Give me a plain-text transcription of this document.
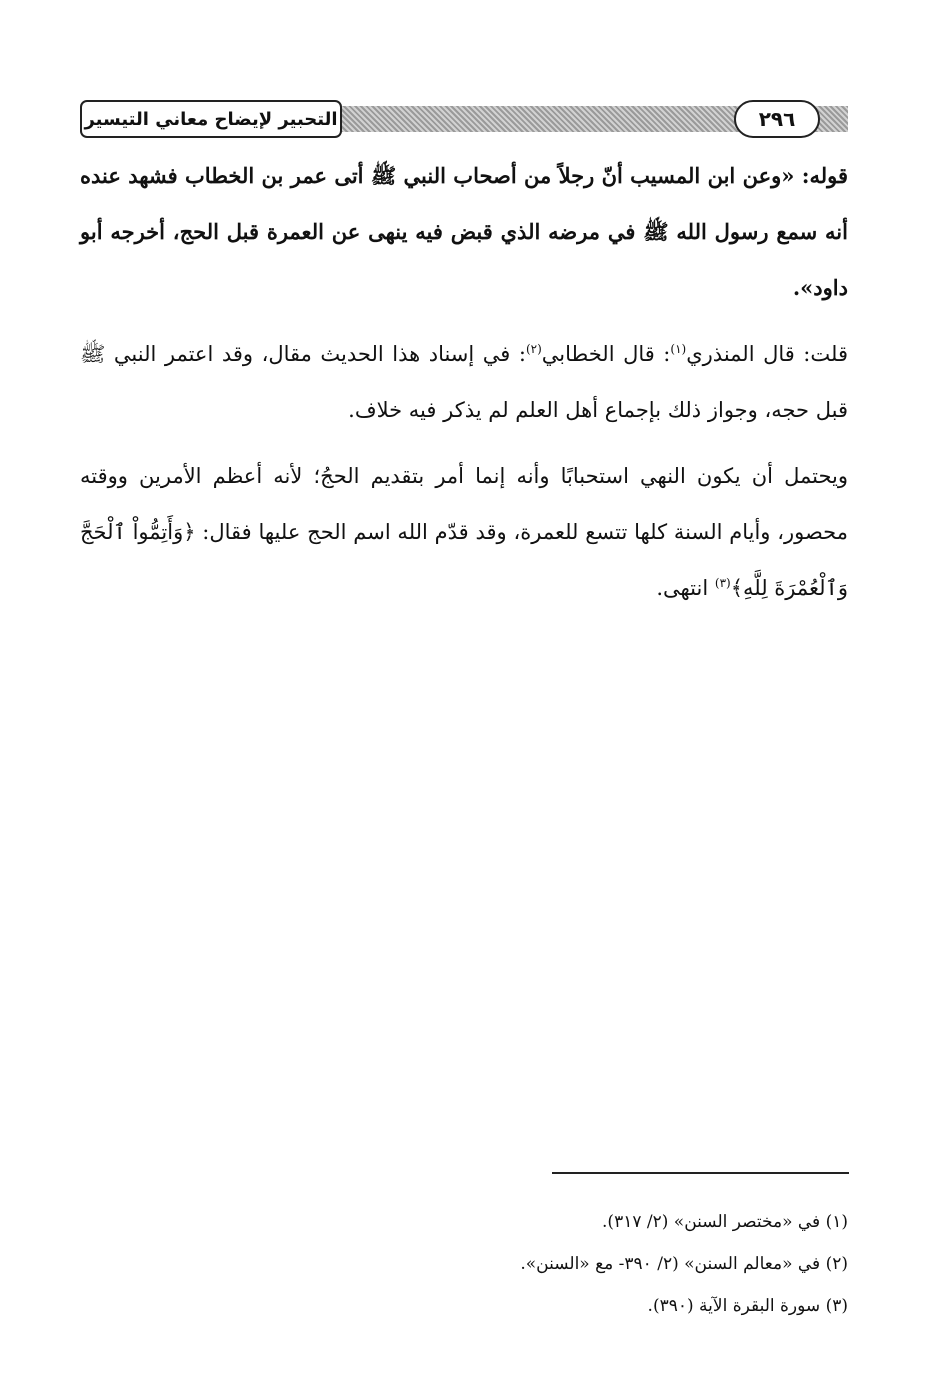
التحبير لإيضاح معاني التيسير	٢٩٦

قوله: «وعن ابن المسيب أنّ رجلاً من أصحاب النبي ﷺ أتى عمر بن الخطاب فشهد عنده أنه سمع رسول الله ﷺ في مرضه الذي قبض فيه ينهى عن العمرة قبل الحج، أخرجه أبو داود».

قلت: قال المنذري$^{(١)}$: قال الخطابي$^{(٢)}$: في إسناد هذا الحديث مقال، وقد اعتمر النبي ﷺ قبل حجه، وجواز ذلك بإجماع أهل العلم لم يذكر فيه خلاف.

ويحتمل أن يكون النهي استحبابًا وأنه إنما أمر بتقديم الحجُ؛ لأنه أعظم الأمرين ووقته محصور، وأيام السنة كلها تتسع للعمرة، وقد قدّم الله اسم الحج عليها فقال: ﴿وَأَتِمُّواْ ٱلْحَجَّ وَٱلْعُمْرَةَ لِلَّهِ﴾$^{(٣)}$ انتهى.

(١) في «مختصر السنن» (٢/ ٣١٧).

(٢) في «معالم السنن» (٢/ ٣٩٠- مع «السنن».

(٣) سورة البقرة الآية (٣٩٠).
